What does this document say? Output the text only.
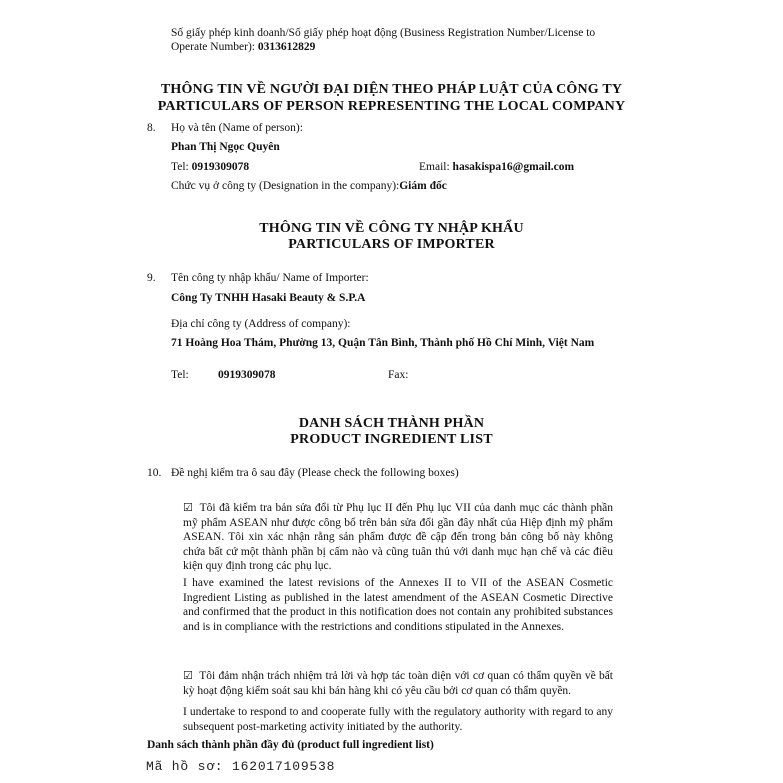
Số giấy phép kinh doanh/Số giấy phép hoạt động (Business Registration Number/License to
Operate Number): 0313612829
THÔNG TIN VỀ NGƯỜI ĐẠI DIỆN THEO PHÁP LUẬT CỦA CÔNG TY
PARTICULARS OF PERSON REPRESENTING THE LOCAL COMPANY
8. Họ và tên (Name of person):
Phan Thị Ngọc Quyên
Tel: 0919309078	Email: hasakispa16@gmail.com
Chức vụ ở công ty (Designation in the company):Giám đốc
THÔNG TIN VỀ CÔNG TY NHẬP KHẨU
PARTICULARS OF IMPORTER
9. Tên công ty nhập khẩu/ Name of Importer:
Công Ty TNHH Hasaki Beauty & S.P.A
Địa chỉ công ty (Address of company):
71 Hoàng Hoa Thám, Phường 13, Quận Tân Bình, Thành phố Hồ Chí Minh, Việt Nam
Tel:	0919309078	Fax:
DANH SÁCH THÀNH PHẦN
PRODUCT INGREDIENT LIST
10. Đề nghị kiểm tra ô sau đây (Please check the following boxes)
☑ Tôi đã kiểm tra bản sửa đổi từ Phụ lục II đến Phụ lục VII của danh mục các thành phần mỹ phẩm ASEAN như được công bố trên bản sửa đổi gần đây nhất của Hiệp định mỹ phẩm ASEAN. Tôi xin xác nhận rằng sản phẩm được đề cập đến trong bản công bố này không chứa bất cứ một thành phần bị cấm nào và cũng tuân thủ với danh mục hạn chế và các điều kiện quy định trong các phụ lục.
I have examined the latest revisions of the Annexes II to VII of the ASEAN Cosmetic Ingredient Listing as published in the latest amendment of the ASEAN Cosmetic Directive and confirmed that the product in this notification does not contain any prohibited substances and is in compliance with the restrictions and conditions stipulated in the Annexes.
☑ Tôi đảm nhận trách nhiệm trả lời và hợp tác toàn diện với cơ quan có thẩm quyền về bất kỳ hoạt động kiểm soát sau khi bán hàng khi có yêu cầu bởi cơ quan có thẩm quyền.
I undertake to respond to and cooperate fully with the regulatory authority with regard to any subsequent post-marketing activity initiated by the authority.
Danh sách thành phần đầy đủ (product full ingredient list)
Mã hồ sơ: 162017109538
